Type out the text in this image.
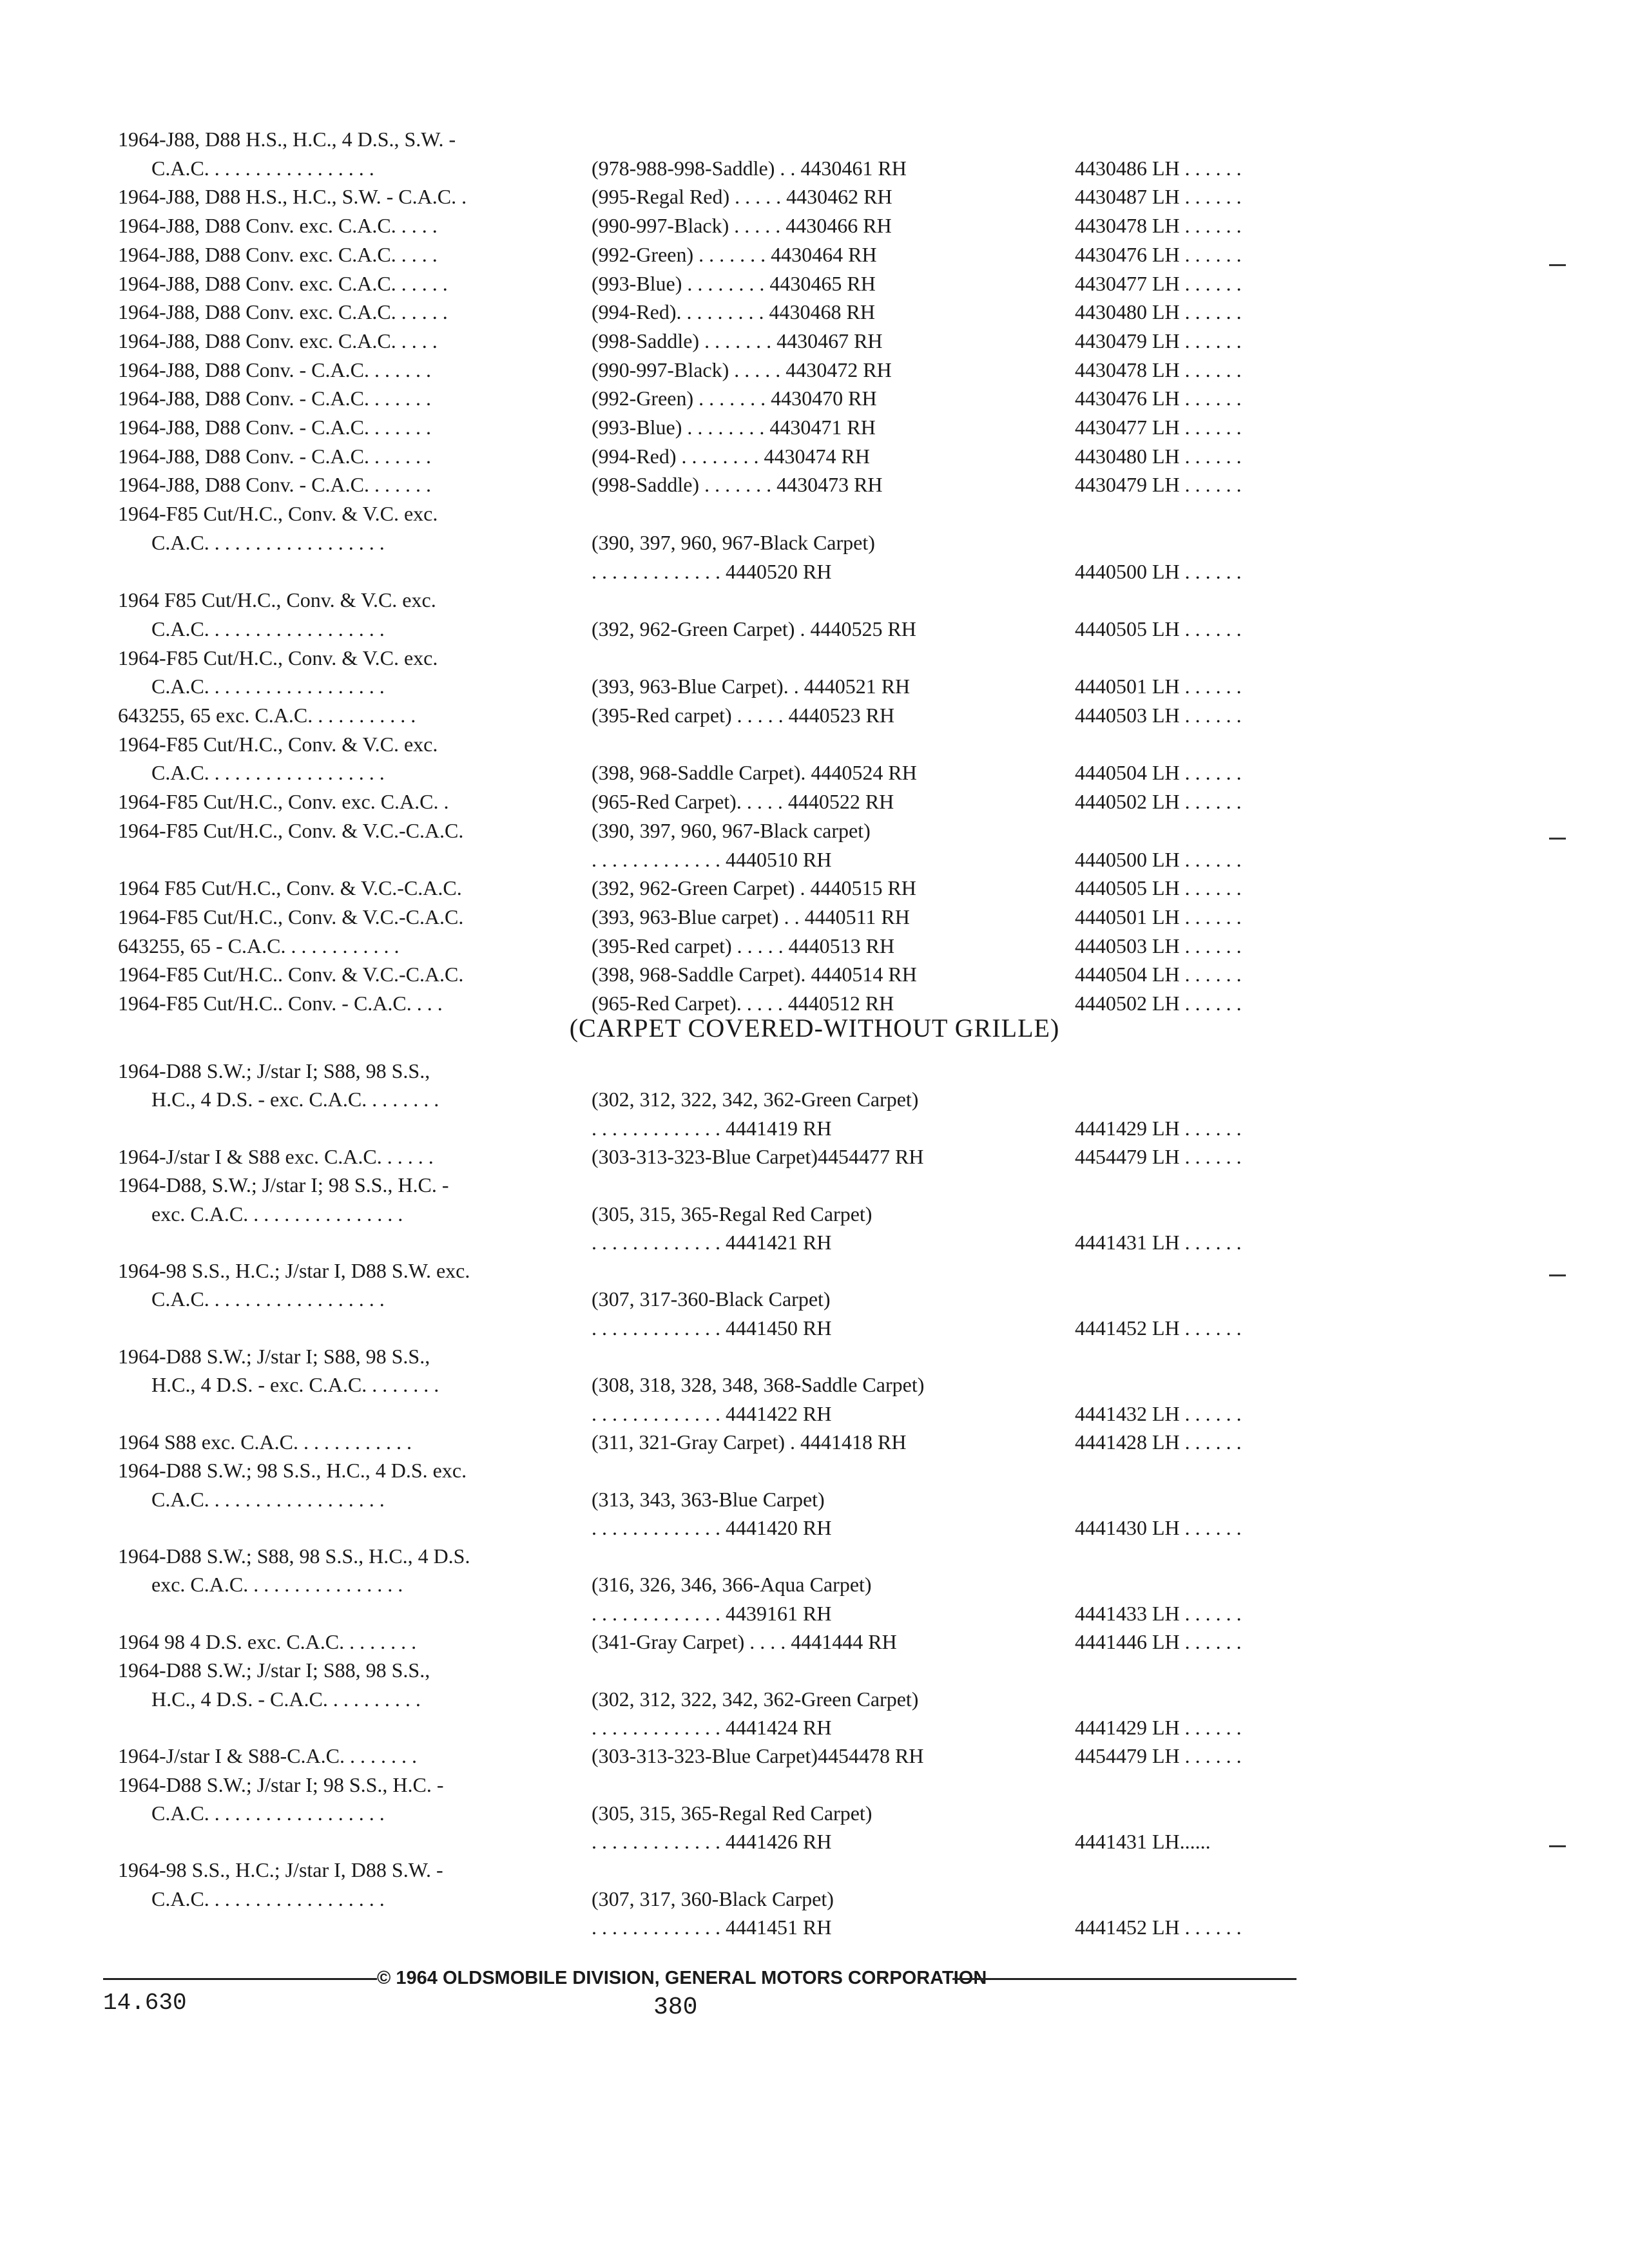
1964-J88, D88 H.S., H.C., 4 D.S., S.W. -
C.A.C. . . . . . . . . . . . . . . . .	(978-988-998-Saddle) . . 4430461 RH	4430486 LH . . . . . .
1964-J88, D88 H.S., H.C., S.W. - C.A.C. .	(995-Regal Red) . . . . . 4430462 RH	4430487 LH . . . . . .
1964-J88, D88 Conv. exc. C.A.C. . . . .	(990-997-Black) . . . . . 4430466 RH	4430478 LH . . . . . .
1964-J88, D88 Conv. exc. C.A.C. . . . .	(992-Green) . . . . . . . 4430464 RH	4430476 LH . . . . . .
1964-J88, D88 Conv. exc. C.A.C. . . . . .	(993-Blue) . . . . . . . . 4430465 RH	4430477 LH . . . . . .
1964-J88, D88 Conv. exc. C.A.C. . . . . .	(994-Red). . . . . . . . . 4430468 RH	4430480 LH . . . . . .
1964-J88, D88 Conv. exc. C.A.C. . . . .	(998-Saddle) . . . . . . . 4430467 RH	4430479 LH . . . . . .
1964-J88, D88 Conv. - C.A.C. . . . . . .	(990-997-Black) . . . . . 4430472 RH	4430478 LH . . . . . .
1964-J88, D88 Conv. - C.A.C. . . . . . .	(992-Green) . . . . . . . 4430470 RH	4430476 LH . . . . . .
1964-J88, D88 Conv. - C.A.C. . . . . . .	(993-Blue) . . . . . . . . 4430471 RH	4430477 LH . . . . . .
1964-J88, D88 Conv. - C.A.C. . . . . . .	(994-Red) . . . . . . . . 4430474 RH	4430480 LH . . . . . .
1964-J88, D88 Conv. - C.A.C. . . . . . .	(998-Saddle) . . . . . . . 4430473 RH	4430479 LH . . . . . .
1964-F85 Cut/H.C., Conv. & V.C. exc.
C.A.C. . . . . . . . . . . . . . . . . .	(390, 397, 960, 967-Black Carpet)
. . . . . . . . . . . . . 4440520 RH	4440500 LH . . . . . .
1964 F85 Cut/H.C., Conv. & V.C. exc.
C.A.C. . . . . . . . . . . . . . . . . .	(392, 962-Green Carpet) . 4440525 RH	4440505 LH . . . . . .
1964-F85 Cut/H.C., Conv. & V.C. exc.
C.A.C. . . . . . . . . . . . . . . . . .	(393, 963-Blue Carpet). . 4440521 RH	4440501 LH . . . . . .
643255, 65 exc. C.A.C. . . . . . . . . . .	(395-Red carpet) . . . . . 4440523 RH	4440503 LH . . . . . .
1964-F85 Cut/H.C., Conv. & V.C. exc.
C.A.C. . . . . . . . . . . . . . . . . .	(398, 968-Saddle Carpet). 4440524 RH	4440504 LH . . . . . .
1964-F85 Cut/H.C., Conv. exc. C.A.C. .	(965-Red Carpet). . . . . 4440522 RH	4440502 LH . . . . . .
1964-F85 Cut/H.C., Conv. & V.C.-C.A.C.	(390, 397, 960, 967-Black carpet)
. . . . . . . . . . . . . 4440510 RH	4440500 LH . . . . . .
1964 F85 Cut/H.C., Conv. & V.C.-C.A.C.	(392, 962-Green Carpet) . 4440515 RH	4440505 LH . . . . . .
1964-F85 Cut/H.C., Conv. & V.C.-C.A.C.	(393, 963-Blue carpet) . . 4440511 RH	4440501 LH . . . . . .
643255, 65 - C.A.C. . . . . . . . . . . .	(395-Red carpet) . . . . . 4440513 RH	4440503 LH . . . . . .
1964-F85 Cut/H.C.. Conv. & V.C.-C.A.C.	(398, 968-Saddle Carpet). 4440514 RH	4440504 LH . . . . . .
1964-F85 Cut/H.C.. Conv. - C.A.C. . . .	(965-Red Carpet). . . . . 4440512 RH	4440502 LH . . . . . .
(CARPET COVERED-WITHOUT GRILLE)
1964-D88 S.W.; J/star I; S88, 98 S.S.,
H.C., 4 D.S. - exc. C.A.C. . . . . . . .	(302, 312, 322, 342, 362-Green Carpet)
. . . . . . . . . . . . . 4441419 RH	4441429 LH . . . . . .
1964-J/star I & S88 exc. C.A.C. . . . . .	(303-313-323-Blue Carpet)4454477 RH	4454479 LH . . . . . .
1964-D88, S.W.; J/star I; 98 S.S., H.C. -
exc. C.A.C. . . . . . . . . . . . . . . .	(305, 315, 365-Regal Red Carpet)
. . . . . . . . . . . . . 4441421 RH	4441431 LH . . . . . .
1964-98 S.S., H.C.; J/star I, D88 S.W. exc.
C.A.C. . . . . . . . . . . . . . . . . .	(307, 317-360-Black Carpet)
. . . . . . . . . . . . . 4441450 RH	4441452 LH . . . . . .
1964-D88 S.W.; J/star I; S88, 98 S.S.,
H.C., 4 D.S. - exc. C.A.C. . . . . . . .	(308, 318, 328, 348, 368-Saddle Carpet)
. . . . . . . . . . . . . 4441422 RH	4441432 LH . . . . . .
1964 S88 exc. C.A.C. . . . . . . . . . . .	(311, 321-Gray Carpet) . 4441418 RH	4441428 LH . . . . . .
1964-D88 S.W.; 98 S.S., H.C., 4 D.S. exc.
C.A.C. . . . . . . . . . . . . . . . . .	(313, 343, 363-Blue Carpet)
. . . . . . . . . . . . . 4441420 RH	4441430 LH . . . . . .
1964-D88 S.W.; S88, 98 S.S., H.C., 4 D.S.
exc. C.A.C. . . . . . . . . . . . . . . .	(316, 326, 346, 366-Aqua Carpet)
. . . . . . . . . . . . . 4439161 RH	4441433 LH . . . . . .
1964 98 4 D.S. exc. C.A.C. . . . . . . .	(341-Gray Carpet) . . . . 4441444 RH	4441446 LH . . . . . .
1964-D88 S.W.; J/star I; S88, 98 S.S.,
H.C., 4 D.S. - C.A.C. . . . . . . . . .	(302, 312, 322, 342, 362-Green Carpet)
. . . . . . . . . . . . . 4441424 RH	4441429 LH . . . . . .
1964-J/star I & S88-C.A.C. . . . . . . .	(303-313-323-Blue Carpet)4454478 RH	4454479 LH . . . . . .
1964-D88 S.W.; J/star I; 98 S.S., H.C. -
C.A.C. . . . . . . . . . . . . . . . . .	(305, 315, 365-Regal Red Carpet)
. . . . . . . . . . . . . 4441426 RH	4441431 LH......
1964-98 S.S., H.C.; J/star I, D88 S.W. -
C.A.C. . . . . . . . . . . . . . . . . .	(307, 317, 360-Black Carpet)
. . . . . . . . . . . . . 4441451 RH	4441452 LH . . . . . .
© 1964 OLDSMOBILE DIVISION, GENERAL MOTORS CORPORATION
14.630	380
